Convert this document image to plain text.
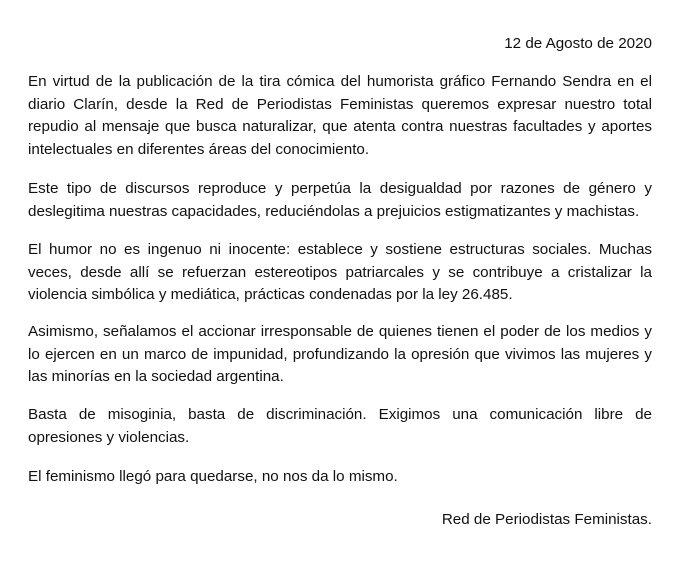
12 de Agosto de 2020

En virtud de la publicación de la tira cómica del humorista gráfico Fernando Sendra en el diario Clarín, desde la Red de Periodistas Feministas queremos expresar nuestro total repudio al mensaje que busca naturalizar, que atenta contra nuestras facultades y aportes intelectuales en diferentes áreas del conocimiento.

Este tipo de discursos reproduce y perpetúa la desigualdad por razones de género y deslegitima nuestras capacidades, reduciéndolas a prejuicios estigmatizantes y machistas.

El humor no es ingenuo ni inocente: establece y sostiene estructuras sociales. Muchas veces, desde allí se refuerzan estereotipos patriarcales y se contribuye a cristalizar la violencia simbólica y mediática, prácticas condenadas por la ley 26.485.

Asimismo, señalamos el accionar irresponsable de quienes tienen el poder de los medios y lo ejercen en un marco de impunidad, profundizando la opresión que vivimos las mujeres y las minorías en la sociedad argentina.

Basta de misoginia, basta de discriminación. Exigimos una comunicación libre de opresiones y violencias.

El feminismo llegó para quedarse, no nos da lo mismo.

Red de Periodistas Feministas.
